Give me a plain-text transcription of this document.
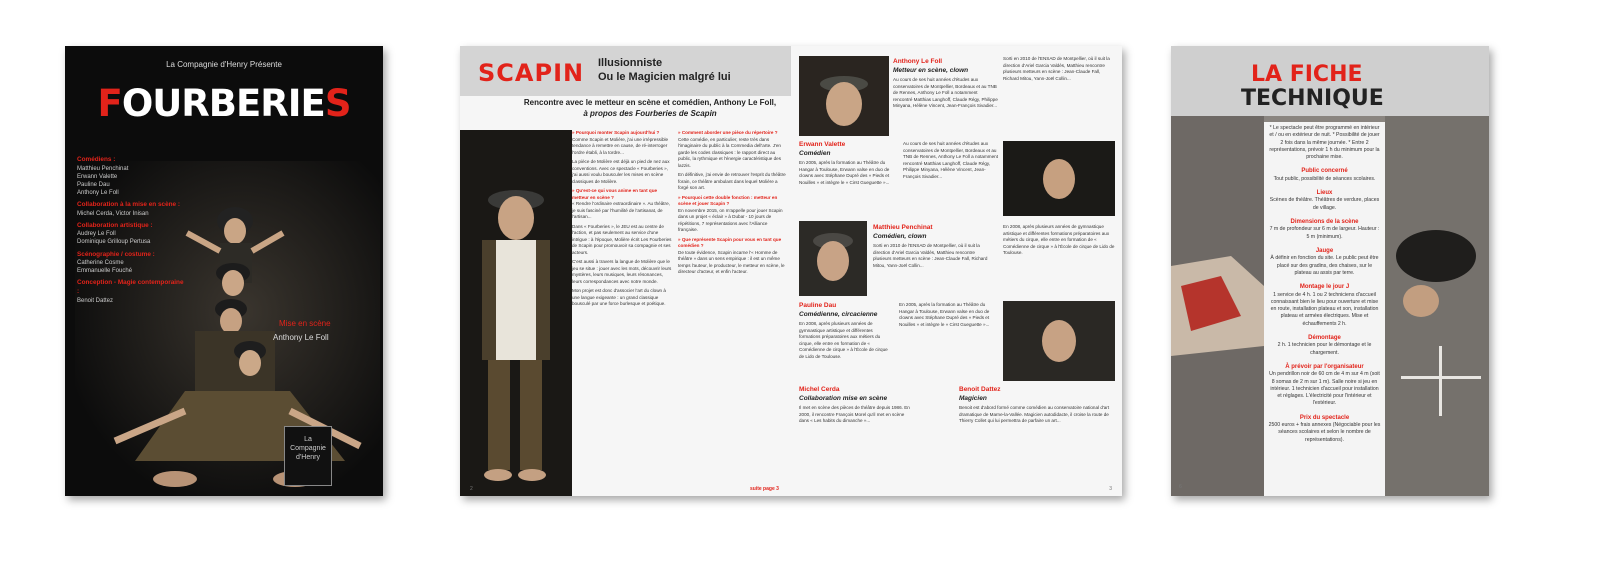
La Compagnie d'Henry Présente
FOURBERIES
Comédiens :
Matthieu Penchinat
Erwann Valette
Pauline Dau
Anthony Le Foll
Collaboration à la mise en scène :
Michel Cerda, Victor Inisan
Collaboration artistique :
Audrey Le Foll
Dominique Grilloup Pertusa
Scénographie / costume :
Catherine Cosme
Emmanuelle Fouché
Conception - Magie contemporaine :
Benoit Dattez
Mise en scène
Anthony Le Foll
La
Compagnie
d'Henry
SCAPIN Illusionniste
Ou le Magicien malgré lui
Rencontre avec le metteur en scène et comédien, Anthony Le Foll,
à propos des Fourberies de Scapin

» Pourquoi monter Scapin aujourd'hui ?
Comme Scapin et Molière, j'ai une irrépressible tendance à remettre en cause, de ré-interroger l'ordre établi, à la tordre...

La pièce de Molière est déjà un pied de nez aux conventions. Avec ce spectacle « Fourberies », j'ai aussi voulu bousculer les mises en scène classiques de Molière.

» Qu'est-ce qui vous anime en tant que metteur en scène ?
« Rendre l'ordinaire extraordinaire ». Au théâtre, je suis fasciné par l'humilité de l'artisanat, de l'artisan...

Dans « Fourberies », le JEU est au centre de l'action, et pas seulement au service d'une intrigue : à l'époque, Molière écrit Les Fourberies de Scapin pour promouvoir sa compagnie et ses acteurs.

C'est aussi à travers la langue de Molière que le jeu se situe : jouer avec les mots, découvrir leurs mystères, leurs musiques, leurs résonances, leurs correspondances avec notre monde.

Mon projet est donc d'associer l'art du clown à une langue exigeante : un grand classique bousculé par une force burlesque et poétique.

» Comment aborder une pièce du répertoire ?
Cette comédie, en particulier, reste très dans l'imaginaire du public à la Commedia dell'arte. J'en garde les codes classiques : le rapport direct au public, la rythmique et l'énergie caractéristique des lazzis.

En définitive, j'ai envie de retrouver l'esprit du théâtre forain, ce théâtre ambulant dans lequel Molière a forgé son art.

» Pourquoi cette double fonction : metteur en scène et jouer Scapin ?
En novembre 2015, on m'appelle pour jouer Scapin dans un projet « éclair » à Dubaï - 10 jours de répétitions, 7 représentations avec l'Alliance française.

» Que représente Scapin pour vous en tant que comédien ?
De toute évidence, Scapin incarne l'« Homme de théâtre » dans un sens empirique : il est un même temps l'auteur, le producteur, le metteur en scène, le directeur d'acteur, et enfin l'acteur.

2	suite page 3
Anthony Le Foll
Metteur en scène, clown
Au cours de ses huit années d'études aux conservatoires de Montpellier, Bordeaux et au TNB de Rennes, Anthony Le Foll a notamment rencontré Matthias Langhoff, Claude Régy, Philippe Minyana, Hélène Vincent, Jean-François Sivadier...
Sorti en 2010 de l'ENSAD de Montpellier, où il suit la direction d'Ariel Garcia Valdès, Matthieu rencontre plusieurs metteurs en scène : Jean-Claude Fall, Richard Mitou, Yann-Joël Collin...
Erwann Valette
Comédien
En 2005, après la formation au Théâtre du Hangar à Toulouse, Erwann valse en duo de clowns avec Stéphane Dupré des « Pieds et Nouilles » et intègre le « Cirst Gueguette »...
Au cours de ses huit années d'études aux conservatoires de Montpellier, Bordeaux et au TNB de Rennes, Anthony Le Foll a notamment rencontré Matthias Langhoff, Claude Régy, Philippe Minyana, Hélène Vincent, Jean-François Sivadier...
Matthieu Penchinat
Comédien, clown
Sorti en 2010 de l'ENSAD de Montpellier, où il suit la direction d'Ariel Garcia Valdès, Matthieu rencontre plusieurs metteurs en scène : Jean-Claude Fall, Richard Mitou, Yann-Joël Collin...
En 2008, après plusieurs années de gymnastique artistique et différentes formations préparatoires aux métiers du cirque, elle entre en formation de « Comédienne de cirque » à l'École de cirque de Lido de Toulouse.
Pauline Dau
Comédienne, circacienne
En 2008, après plusieurs années de gymnastique artistique et différentes formations préparatoires aux métiers du cirque, elle entre en formation de « Comédienne de cirque » à l'École de cirque de Lido de Toulouse.
En 2005, après la formation au Théâtre du Hangar à Toulouse, Erwann valse en duo de clowns avec Stéphane Dupré des « Pieds et Nouilles » et intègre le « Cirst Gueguette »...
Michel Cerda
Collaboration mise en scène
Il met en scène des pièces de théâtre depuis 1986. En 2000, il rencontre François Morel qu'il met en scène dans « Les habits du dimanche »...
Benoit Dattez
Magicien
Benoit est d'abord formé comme comédien au conservatoire national d'art dramatique de Marne-la-Vallée. Magicien autodidacte, il croise la route de Thierry Collet qui lui permettra de parfaire un art...
3
LA FICHE
TECHNIQUE
* Le spectacle peut être programmé en intérieur et / ou en extérieur de nuit. * Possibilité de jouer 2 fois dans la même journée. * Entre 2 représentations, prévoir 1 h du minimum pour la prochaine mise.
Public concerné
Tout public, possibilité de séances scolaires.
Lieux
Scènes de théâtre. Théâtres de verdure, places de village.
Dimensions de la scène
7 m de profondeur sur 6 m de largeur. Hauteur : 5 m (minimum).
Jauge
À définir en fonction du site. Le public peut être placé sur des gradins, des chaises, sur le plateau au assis par terre.
Montage le jour J
1 service de 4 h. 1 ou 2 techniciens d'accueil connaissant bien le lieu pour ouverture et mise en route, installation plateau et son, installation plateau et armées électriques. Mise et échauffements 2 h.
Démontage
2 h. 1 technicien pour le démontage et le chargement.
À prévoir par l'organisateur
Un pendrillon noir de 60 cm de 4 m sur 4 m (soit 8 somas de 2 m sur 1 m). Salle noire si jeu en intérieur. 1 technicien d'accueil pour installation et réglages. L'électricité pour l'intérieur et l'extérieur.
Prix du spectacle
2500 euros + frais annexes (Négociable pour les séances scolaires et selon le nombre de représentations).
6
